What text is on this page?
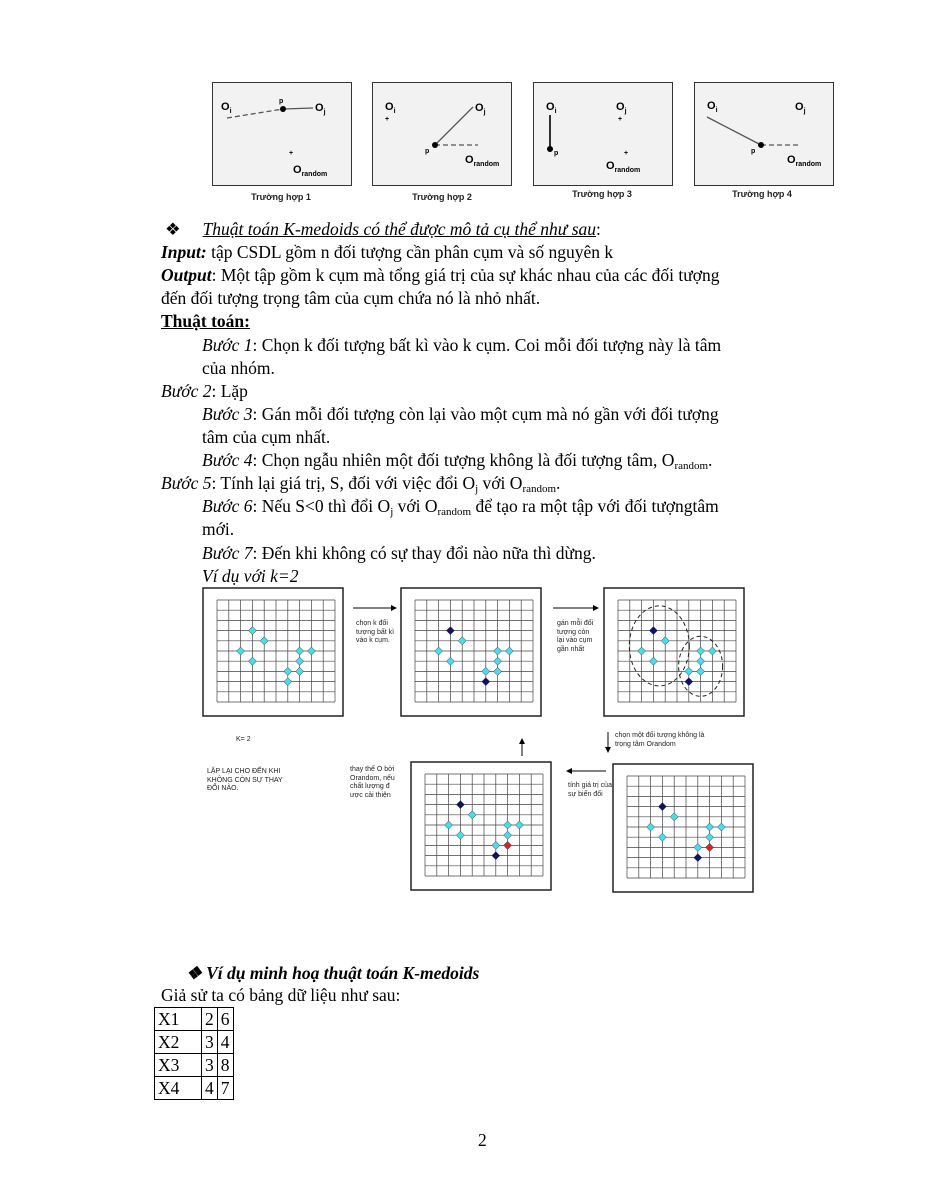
p
$O_i$	$O_j$
+
$O_{random}$
Trường hợp 1
p
$O_i$
+
$O_j$
$O_{random}$
Trường hợp 2
p
$O_i$	$O_j$
+
+
$O_{random}$
Trường hợp 3
p
$O_i$	$O_j$
$O_{random}$
Trường hợp 4
❖ Thuật toán K-medoids có thể được mô tả cụ thể như sau:
Input: tập CSDL gồm n đối tượng cần phân cụm và số nguyên k
Output: Một tập gồm k cụm mà tổng giá trị của sự khác nhau của các đối tượng
đến đối tượng trọng tâm của cụm chứa nó là nhỏ nhất.
Thuật toán:
Bước 1: Chọn k đối tượng bất kì vào k cụm. Coi mỗi đối tượng này là tâm
của nhóm.
Bước 2: Lặp
Bước 3: Gán mỗi đối tượng còn lại vào một cụm mà nó gần với đối tượng
tâm của cụm nhất.
Bước 4: Chọn ngẫu nhiên một đối tượng không là đối tượng tâm, $O_{random}$.
Bước 5: Tính lại giá trị, S, đối với việc đổi $O_j$ với $O_{random}$.
Bước 6: Nếu S<0 thì đổi $O_j$ với $O_{random}$ để tạo ra một tập với đối tượngtâm
mới.
Bước 7: Đến khi không có sự thay đổi nào nữa thì dừng.
Ví dụ với k=2
chọn k đối
tượng bất kì
vào k cụm.
gán mỗi đối
tượng còn
lại vào cụm
gần nhất
chọn một đối tượng không là
trọng tâm Orandom
tính giá trị của
sự biến đổi
thay thế O bởi
Orandom, nếu
chất lượng đ
ược cải thiện
K= 2
LẶP LẠI CHO ĐẾN KHI
KHÔNG CÒN SỰ THAY
ĐỔI NÀO.
❖ Ví dụ minh hoạ thuật toán K-medoids
Giả sử ta có bảng dữ liệu như sau:
X1	2	6
X2	3	4
X3	3	8
X4	4	7
2
